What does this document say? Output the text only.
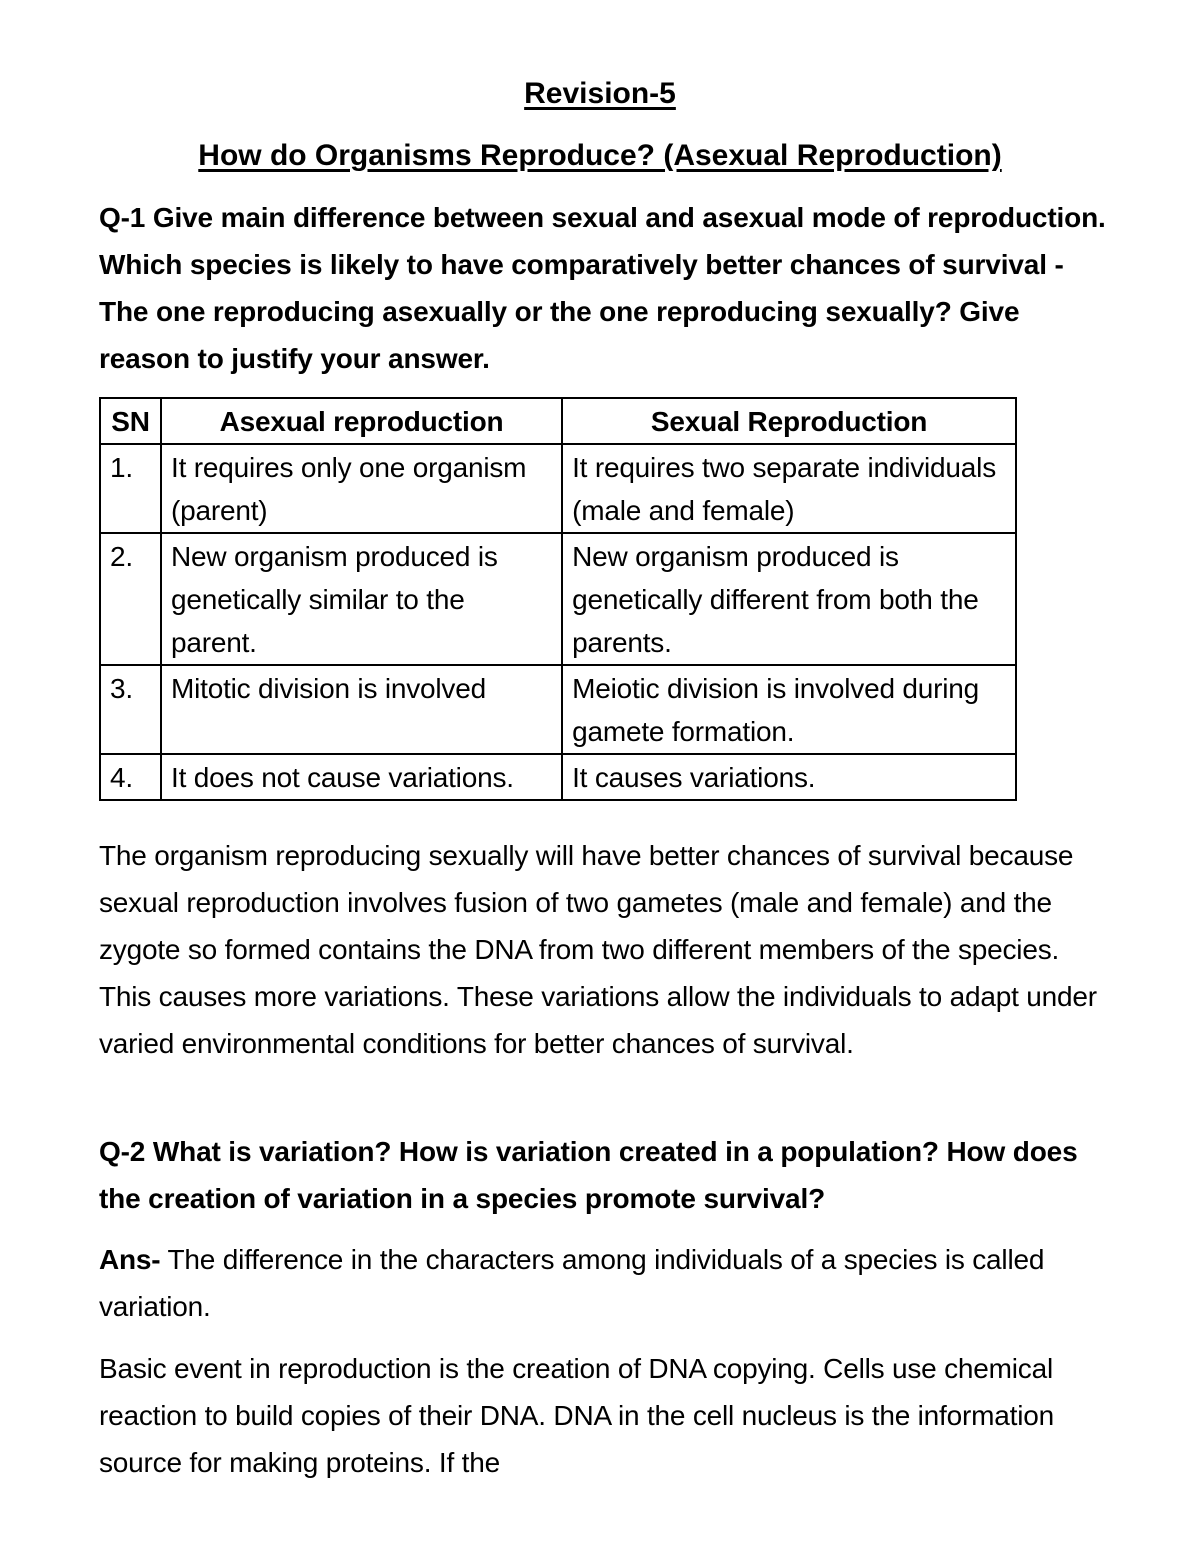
Revision-5
How do Organisms Reproduce? (Asexual Reproduction)

Q-1 Give main difference between sexual and asexual mode of reproduction. Which species is likely to have comparatively better chances of survival - The one reproducing asexually or the one reproducing sexually? Give reason to justify your answer.

SN	Asexual reproduction	Sexual Reproduction
1.	It requires only one organism (parent)	It requires two separate individuals (male and female)
2.	New organism produced is genetically similar to the parent.	New organism produced is genetically different from both the parents.
3.	Mitotic division is involved	Meiotic division is involved during gamete formation.
4.	It does not cause variations.	It causes variations.

The organism reproducing sexually will have better chances of survival because sexual reproduction involves fusion of two gametes (male and female) and the zygote so formed contains the DNA from two different members of the species. This causes more variations. These variations allow the individuals to adapt under varied environmental conditions for better chances of survival.

Q-2 What is variation? How is variation created in a population? How does the creation of variation in a species promote survival?

Ans- The difference in the characters among individuals of a species is called variation.

Basic event in reproduction is the creation of DNA copying. Cells use chemical reaction to build copies of their DNA. DNA in the cell nucleus is the information source for making proteins. If the
